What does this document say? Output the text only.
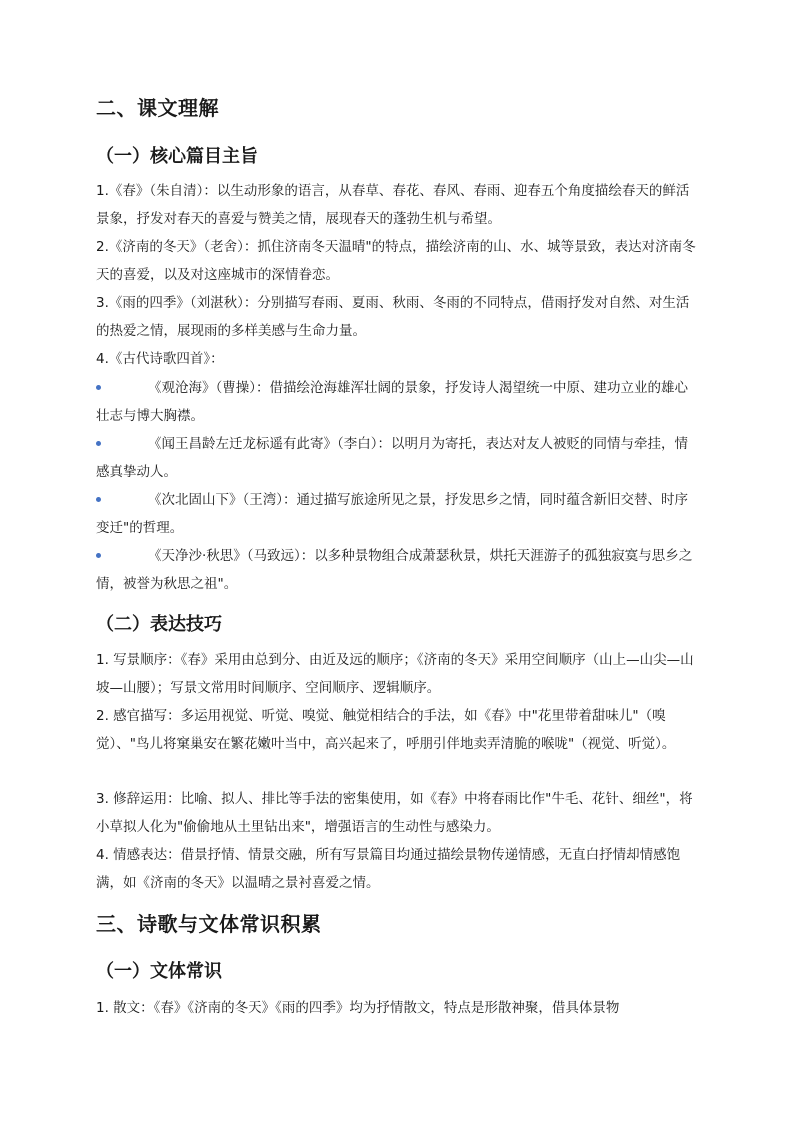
二、课文理解
（一）核心篇目主旨
1.《春》（朱自清）：以生动形象的语言，从春草、春花、春风、春雨、迎春五个角度描绘春天的鲜活景象，抒发对春天的喜爱与赞美之情，展现春天的蓬勃生机与希望。
2.《济南的冬天》（老舍）：抓住济南冬天温晴"的特点，描绘济南的山、水、城等景致，表达对济南冬天的喜爱，以及对这座城市的深情眷恋。
3.《雨的四季》（刘湛秋）：分别描写春雨、夏雨、秋雨、冬雨的不同特点，借雨抒发对自然、对生活的热爱之情，展现雨的多样美感与生命力量。
4.《古代诗歌四首》：
《观沧海》（曹操）：借描绘沧海雄浑壮阔的景象，抒发诗人渴望统一中原、建功立业的雄心壮志与博大胸襟。
《闻王昌龄左迁龙标遥有此寄》（李白）：以明月为寄托，表达对友人被贬的同情与牵挂，情感真挚动人。
《次北固山下》（王湾）：通过描写旅途所见之景，抒发思乡之情，同时蕴含新旧交替、时序变迁"的哲理。
《天净沙·秋思》（马致远）：以多种景物组合成萧瑟秋景，烘托天涯游子的孤独寂寞与思乡之情，被誉为秋思之祖"。
（二）表达技巧
1. 写景顺序：《春》采用由总到分、由近及远的顺序；《济南的冬天》采用空间顺序（山上—山尖—山坡—山腰）；写景文常用时间顺序、空间顺序、逻辑顺序。
2. 感官描写：多运用视觉、听觉、嗅觉、触觉相结合的手法，如《春》中"花里带着甜味儿"（嗅觉）、"鸟儿将窠巢安在繁花嫩叶当中，高兴起来了，呼朋引伴地卖弄清脆的喉咙"（视觉、听觉）。
3. 修辞运用：比喻、拟人、排比等手法的密集使用，如《春》中将春雨比作"牛毛、花针、细丝"，将小草拟人化为"偷偷地从土里钻出来"，增强语言的生动性与感染力。
4. 情感表达：借景抒情、情景交融，所有写景篇目均通过描绘景物传递情感，无直白抒情却情感饱满，如《济南的冬天》以温晴之景衬喜爱之情。
三、诗歌与文体常识积累
（一）文体常识
1. 散文：《春》《济南的冬天》《雨的四季》均为抒情散文，特点是形散神聚，借具体景物
